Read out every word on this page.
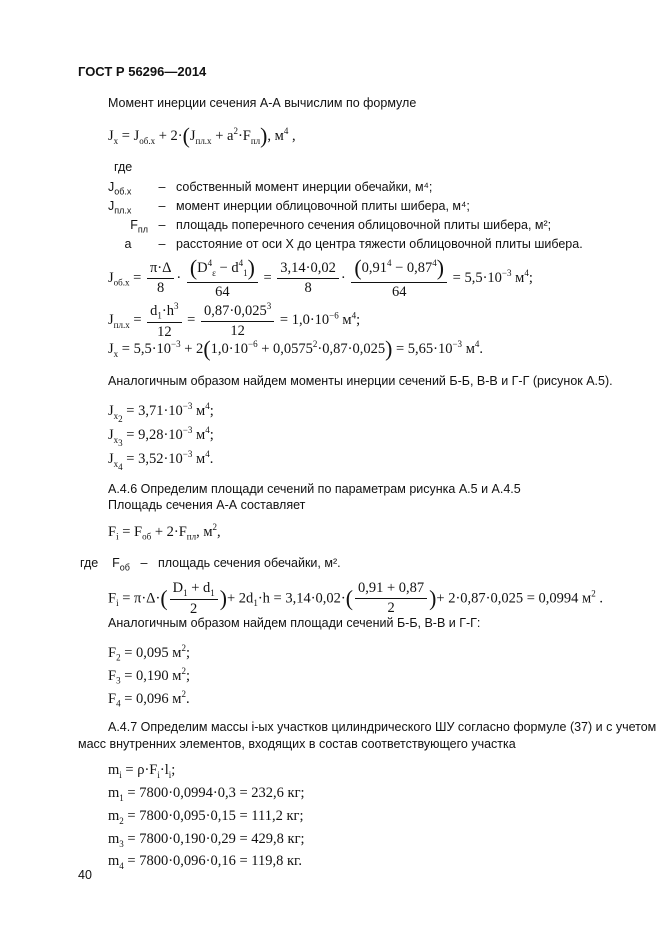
ГОСТ Р 56296—2014
Момент инерции сечения А-А вычислим по формуле
$J_x = J_{об.х} + 2\cdot(J_{пл.х} + a^2\cdot F_{пл})$, $м^4$ ,
где
$J_{об.х}$ – собственный момент инерции обечайки, м⁴;
$J_{пл.х}$ – момент инерции облицовочной плиты шибера, м⁴;
$F_{пл}$ – площадь поперечного сечения облицовочной плиты шибера, м²;
a – расстояние от оси Х до центра тяжести облицовочной плиты шибера.
$J_{об.х} = \frac{\pi\cdot\Delta}{8} \cdot \frac{(D^4_\varepsilon - d^4_1)}{64} = \frac{3,14\cdot 0,02}{8} \cdot \frac{(0,91^4 - 0,87^4)}{64} = 5,5\cdot 10^{-3}$ $м^4$;
$J_{пл.х} = \frac{d_1\cdot h^3}{12} = \frac{0,87\cdot 0,025^3}{12} = 1,0\cdot 10^{-6}$ $м^4$;
$J_x = 5,5\cdot 10^{-3} + 2(1,0\cdot 10^{-6} + 0,0575^2\cdot 0,87\cdot 0,025) = 5,65\cdot 10^{-3}$ $м^4$.
Аналогичным образом найдем моменты инерции сечений Б-Б, В-В и Г-Г (рисунок А.5).
$J_{x_2} = 3,71\cdot 10^{-3}$ $м^4$;
$J_{x_3} = 9,28\cdot 10^{-3}$ $м^4$;
$J_{x_4} = 3,52\cdot 10^{-3}$ $м^4$.
А.4.6 Определим площади сечений по параметрам рисунка А.5 и А.4.5
Площадь сечения А-А составляет
$F_i = F_{об} + 2\cdot F_{пл}$, $м^2$,
где    $F_{об}$ – площадь сечения обечайки, м².
$F_i = \pi\cdot\Delta\cdot( \frac{D_1 + d_1}{2}$ )+ $2d_1\cdot h = 3,14\cdot 0,02\cdot( \frac{0,91 + 0,87}{2}$ )+ 2·0,87·0,025 = 0,0994 $м^2$ .
Аналогичным образом найдем площади сечений Б-Б, В-В и Г-Г:
$F_2 = 0,095$ $м^2$;
$F_3 = 0,190$ $м^2$;
$F_4 = 0,096$ $м^2$.
А.4.7 Определим массы i-ых участков цилиндрического ШУ согласно формуле (37) и с учетом
масс внутренних элементов, входящих в состав соответствующего участка
$m_i = \rho\cdot F_i\cdot l_i$;
$m_1 = 7800\cdot 0,0994\cdot 0,3 = 232,6$ кг;
$m_2 = 7800\cdot 0,095\cdot 0,15 = 111,2$ кг;
$m_3 = 7800\cdot 0,190\cdot 0,29 = 429,8$ кг;
$m_4 = 7800\cdot 0,096\cdot 0,16 = 119,8$ кг.
40
